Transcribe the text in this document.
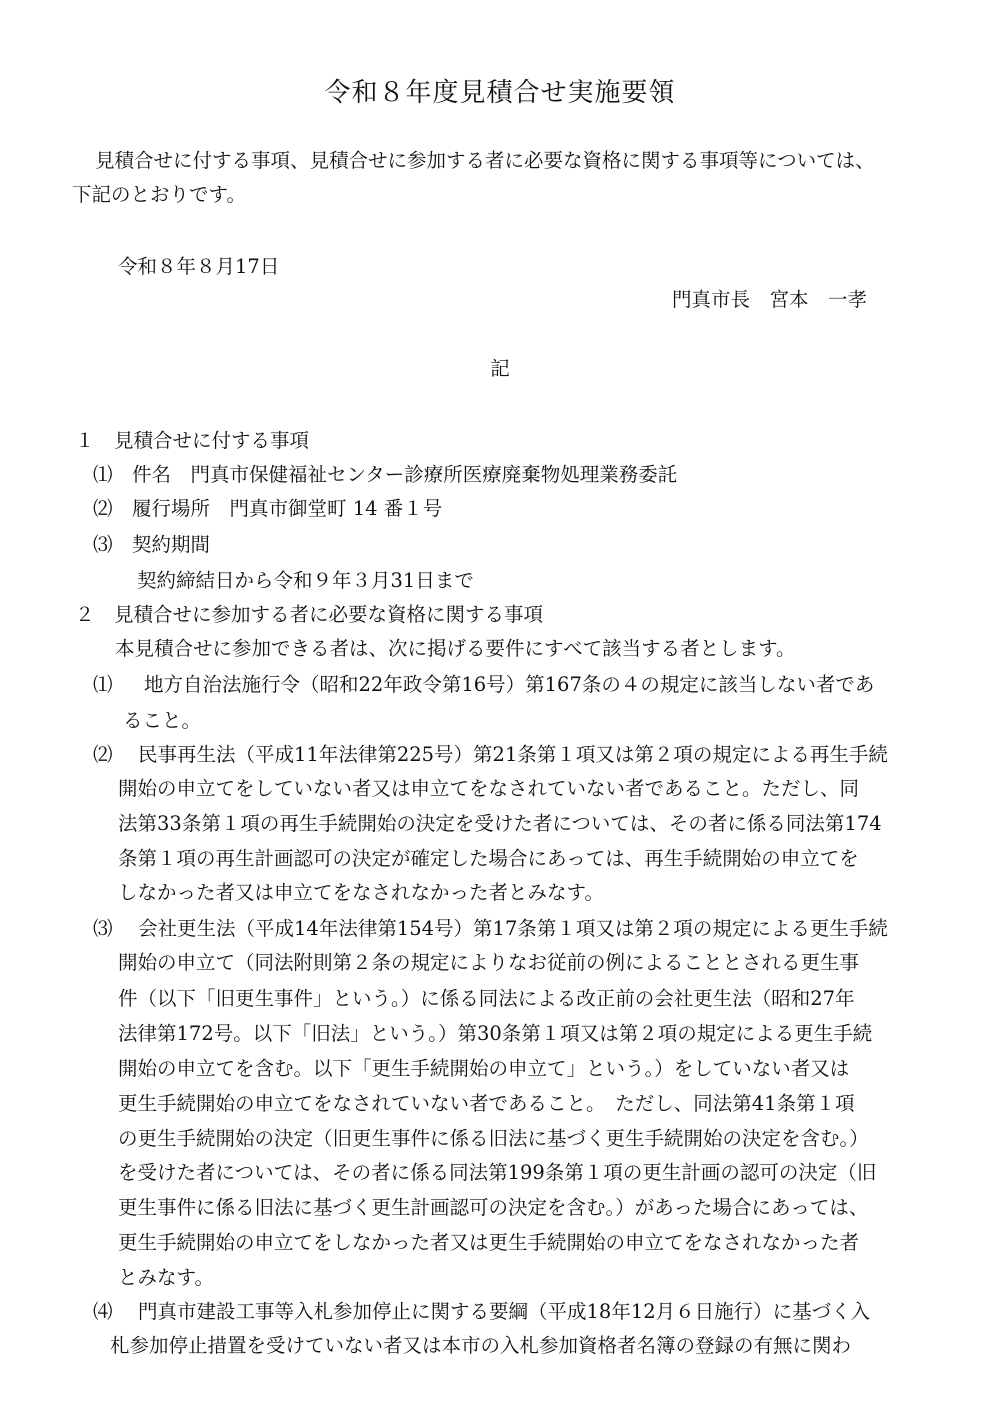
令和８年度見積合せ実施要領
見積合せに付する事項、見積合せに参加する者に必要な資格に関する事項等については、
下記のとおりです。
令和８年８月17日
門真市長　宮本　一孝
記
１　見積合せに付する事項
⑴　件名　門真市保健福祉センター診療所医療廃棄物処理業務委託
⑵　履行場所　門真市御堂町 14 番１号
⑶　契約期間
契約締結日から令和９年３月31日まで
２　見積合せに参加する者に必要な資格に関する事項
本見積合せに参加できる者は、次に掲げる要件にすべて該当する者とします。
⑴ 地方自治法施行令（昭和22年政令第16号）第167条の４の規定に該当しない者であ
ること。
⑵ 民事再生法（平成11年法律第225号）第21条第１項又は第２項の規定による再生手続
開始の申立てをしていない者又は申立てをなされていない者であること。ただし、同
法第33条第１項の再生手続開始の決定を受けた者については、その者に係る同法第174
条第１項の再生計画認可の決定が確定した場合にあっては、再生手続開始の申立てを
しなかった者又は申立てをなされなかった者とみなす。
⑶ 会社更生法（平成14年法律第154号）第17条第１項又は第２項の規定による更生手続
開始の申立て（同法附則第２条の規定によりなお従前の例によることとされる更生事
件（以下「旧更生事件」という。）に係る同法による改正前の会社更生法（昭和27年
法律第172号。以下「旧法」という。）第30条第１項又は第２項の規定による更生手続
開始の申立てを含む。以下「更生手続開始の申立て」という。）をしていない者又は
更生手続開始の申立てをなされていない者であること。　ただし、同法第41条第１項
の更生手続開始の決定（旧更生事件に係る旧法に基づく更生手続開始の決定を含む。）
を受けた者については、その者に係る同法第199条第１項の更生計画の認可の決定（旧
更生事件に係る旧法に基づく更生計画認可の決定を含む。）があった場合にあっては、
更生手続開始の申立てをしなかった者又は更生手続開始の申立てをなされなかった者
とみなす。
⑷ 門真市建設工事等入札参加停止に関する要綱（平成18年12月６日施行）に基づく入
札参加停止措置を受けていない者又は本市の入札参加資格者名簿の登録の有無に関わ
